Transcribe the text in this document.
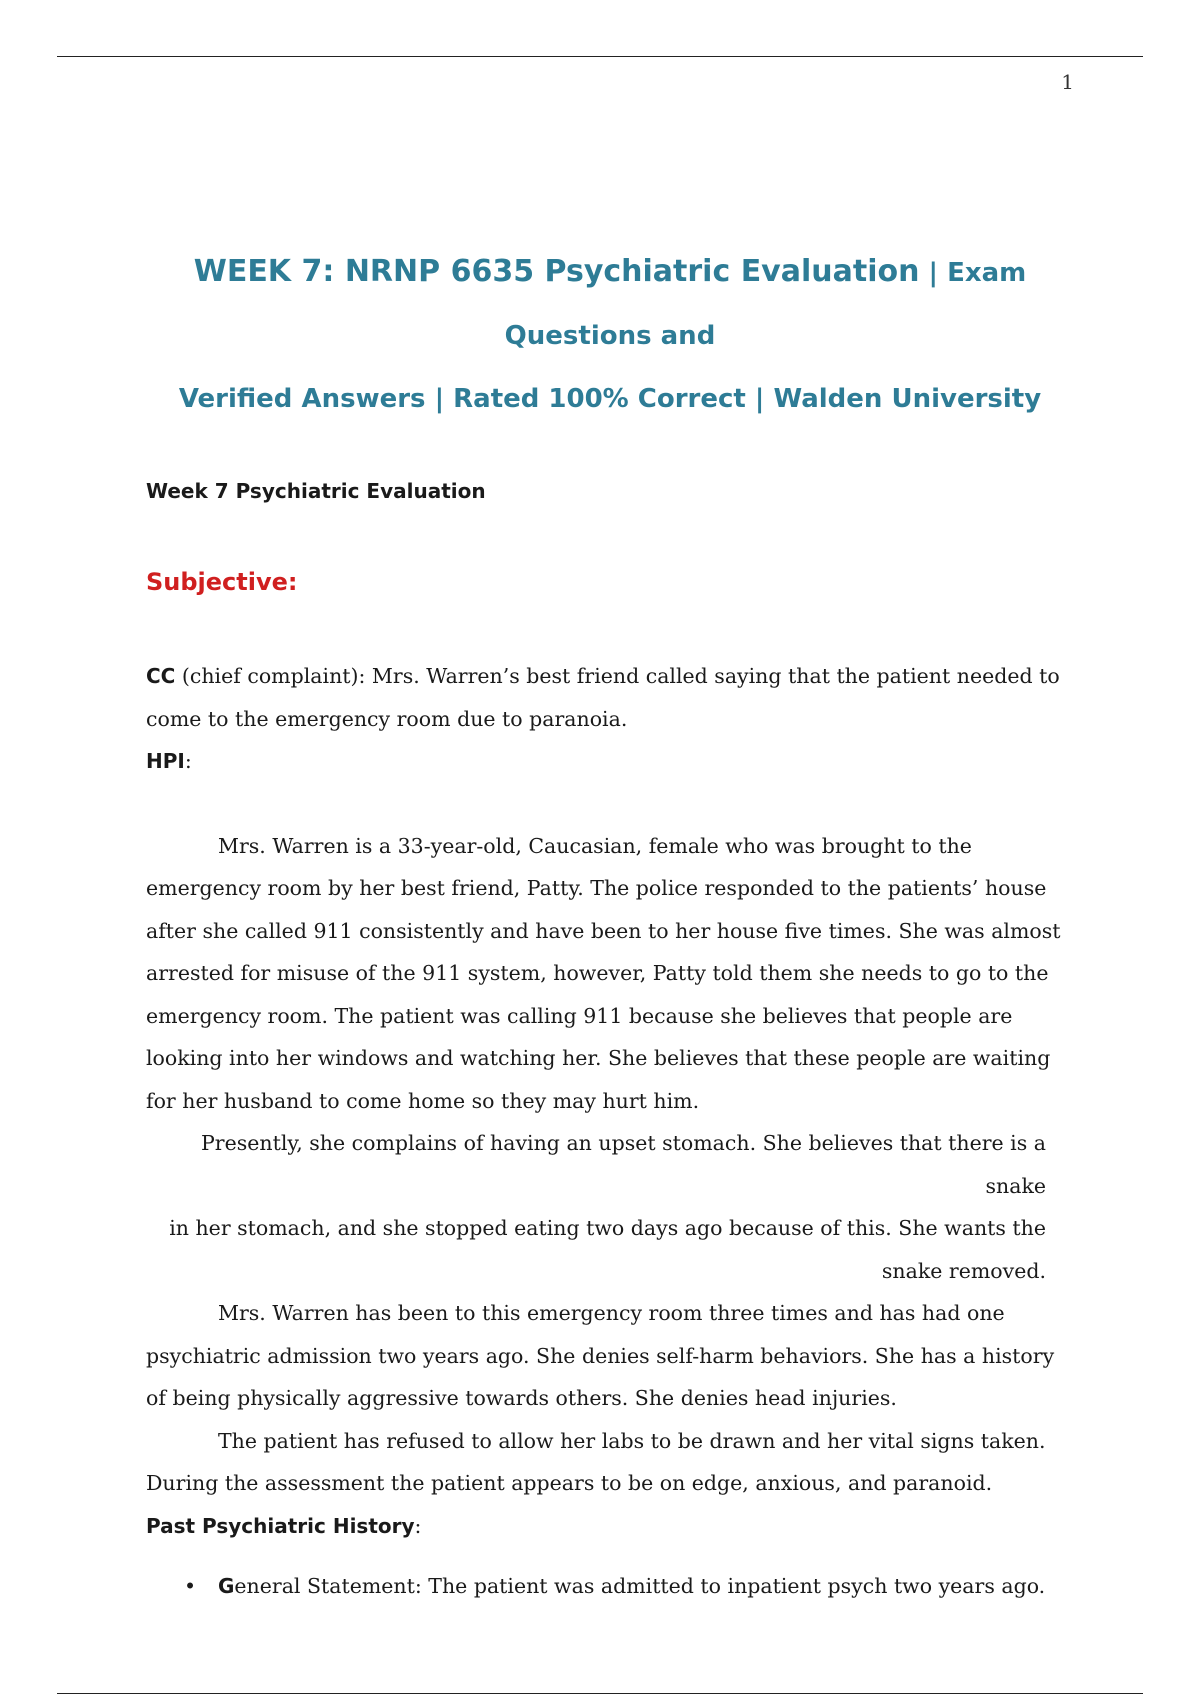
1
WEEK 7: NRNP 6635 Psychiatric Evaluation | Exam Questions and
Verified Answers | Rated 100% Correct | Walden University

Week 7 Psychiatric Evaluation

Subjective:

CC (chief complaint): Mrs. Warren’s best friend called saying that the patient needed to come to the emergency room due to paranoia.

HPI:

Mrs. Warren is a 33-year-old, Caucasian, female who was brought to the emergency room by her best friend, Patty. The police responded to the patients’ house after she called 911 consistently and have been to her house five times. She was almost arrested for misuse of the 911 system, however, Patty told them she needs to go to the emergency room. The patient was calling 911 because she believes that people are looking into her windows and watching her. She believes that these people are waiting for her husband to come home so they may hurt him.

Presently, she complains of having an upset stomach. She believes that there is a snake
in her stomach, and she stopped eating two days ago because of this. She wants the
snake removed.

Mrs. Warren has been to this emergency room three times and has had one psychiatric admission two years ago. She denies self-harm behaviors. She has a history of being physically aggressive towards others. She denies head injuries.

The patient has refused to allow her labs to be drawn and her vital signs taken. During the assessment the patient appears to be on edge, anxious, and paranoid.

Past Psychiatric History:

• General Statement: The patient was admitted to inpatient psych two years ago.
